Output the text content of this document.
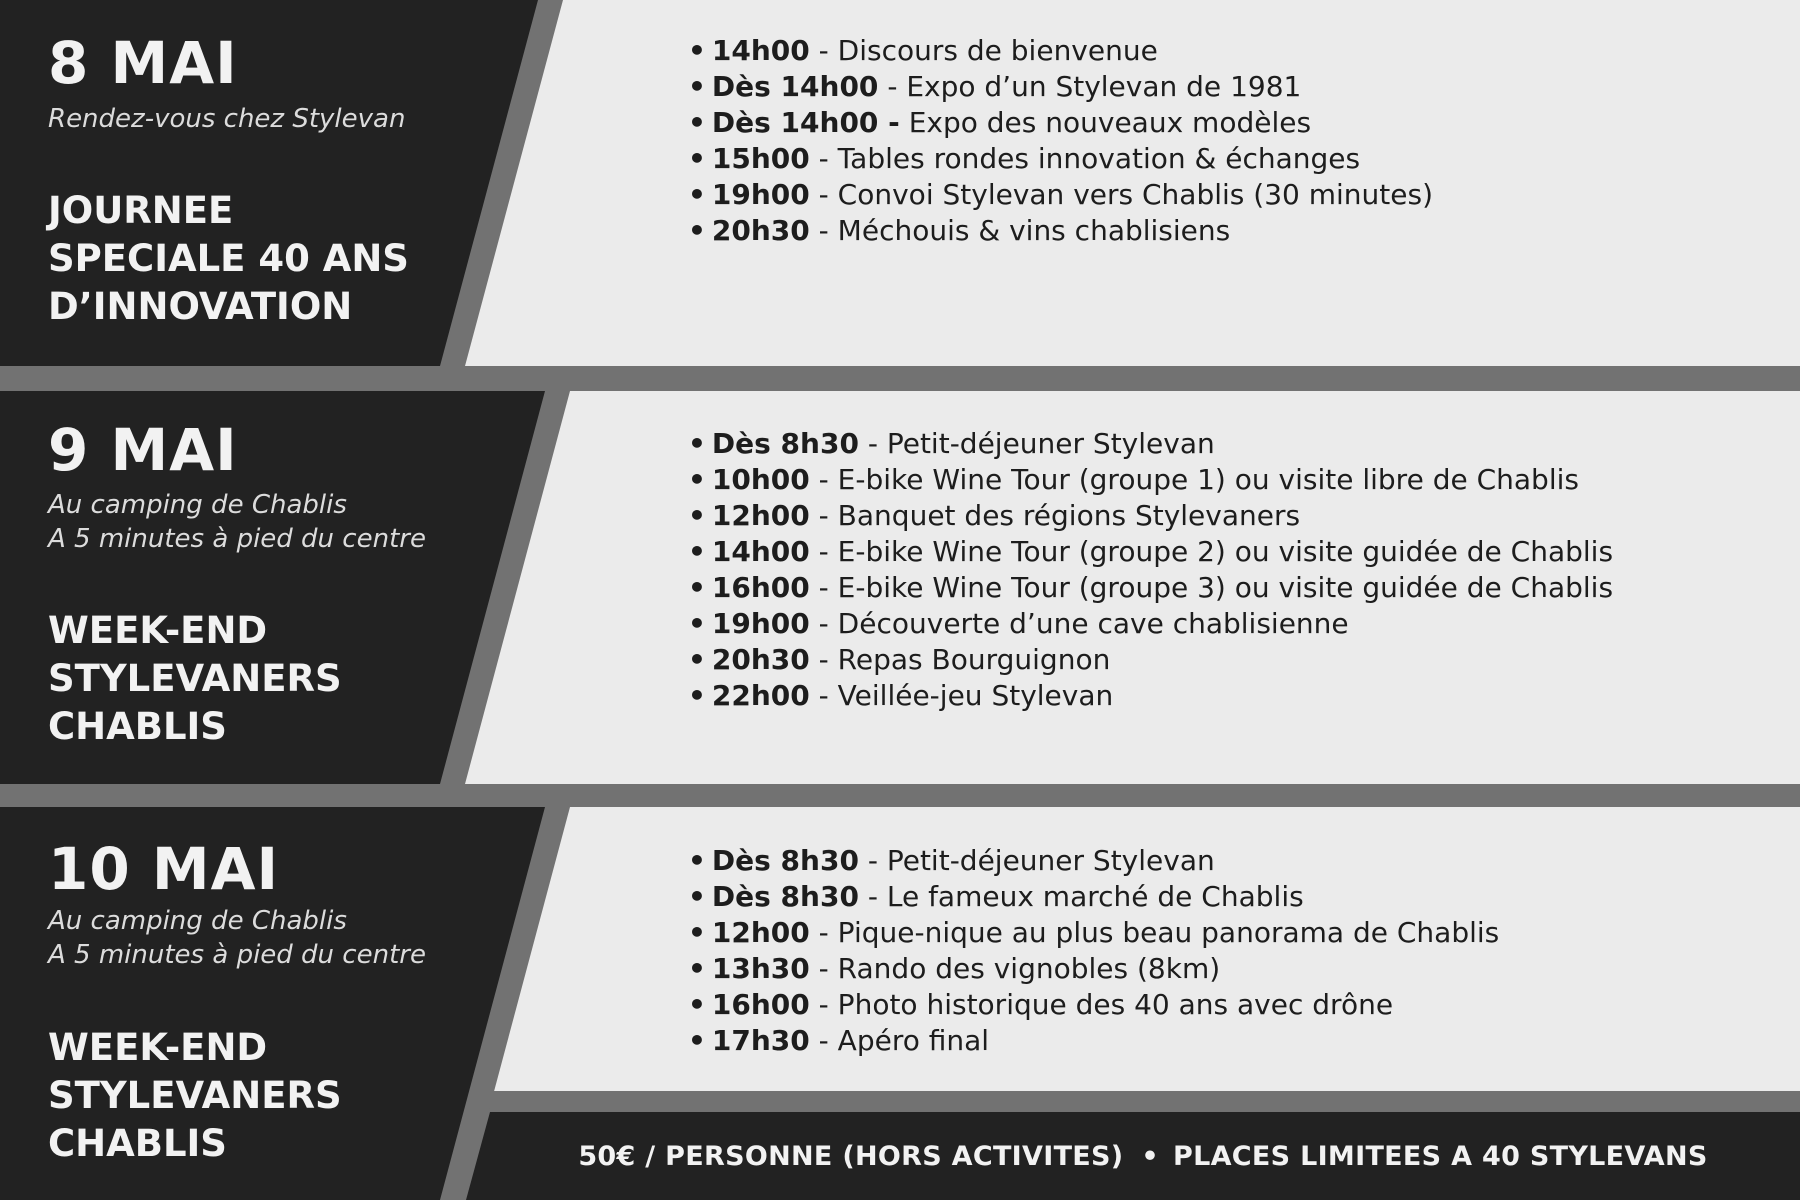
8 MAI
Rendez-vous chez Stylevan
JOURNEE
SPECIALE 40 ANS
D’INNOVATION
• 14h00 - Discours de bienvenue
• Dès 14h00 - Expo d’un Stylevan de 1981
• Dès 14h00 - Expo des nouveaux modèles
• 15h00 - Tables rondes innovation & échanges
• 19h00 - Convoi Stylevan vers Chablis (30 minutes)
• 20h30 - Méchouis & vins chablisiens
9 MAI
Au camping de Chablis
A 5 minutes à pied du centre
WEEK-END
STYLEVANERS
CHABLIS
• Dès 8h30 - Petit-déjeuner Stylevan
• 10h00 - E-bike Wine Tour (groupe 1) ou visite libre de Chablis
• 12h00 - Banquet des régions Stylevaners
• 14h00 - E-bike Wine Tour (groupe 2) ou visite guidée de Chablis
• 16h00 - E-bike Wine Tour (groupe 3) ou visite guidée de Chablis
• 19h00 - Découverte d’une cave chablisienne
• 20h30 - Repas Bourguignon
• 22h00 - Veillée-jeu Stylevan
10 MAI
Au camping de Chablis
A 5 minutes à pied du centre
WEEK-END
STYLEVANERS
CHABLIS
• Dès 8h30 - Petit-déjeuner Stylevan
• Dès 8h30 - Le fameux marché de Chablis
• 12h00 - Pique-nique au plus beau panorama de Chablis
• 13h30 - Rando des vignobles (8km)
• 16h00 - Photo historique des 40 ans avec drône
• 17h30 - Apéro final
50€ / PERSONNE (HORS ACTIVITES) • PLACES LIMITEES A 40 STYLEVANS
